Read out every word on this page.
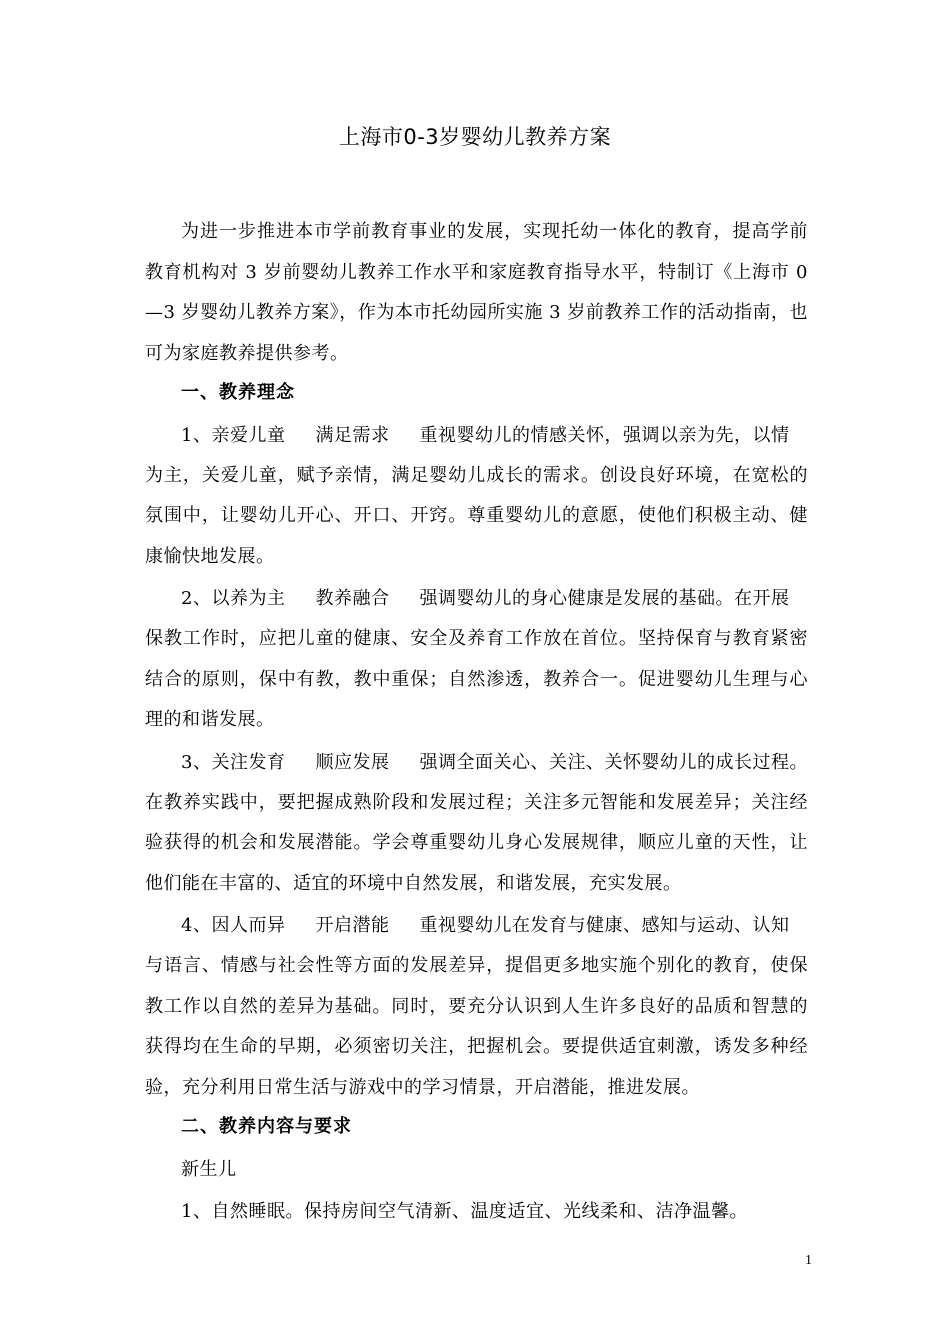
上海市0-3岁婴幼儿教养方案

为进一步推进本市学前教育事业的发展，实现托幼一体化的教育，提高学前教育机构对 3 岁前婴幼儿教养工作水平和家庭教育指导水平，特制订《上海市 0—3 岁婴幼儿教养方案》，作为本市托幼园所实施 3 岁前教养工作的活动指南，也可为家庭教养提供参考。

一、教养理念

1、亲爱儿童 满足需求 重视婴幼儿的情感关怀，强调以亲为先，以情

为主，关爱儿童，赋予亲情，满足婴幼儿成长的需求。创设良好环境，在宽松的氛围中，让婴幼儿开心、开口、开窍。尊重婴幼儿的意愿，使他们积极主动、健康愉快地发展。

2、以养为主 教养融合 强调婴幼儿的身心健康是发展的基础。在开展

保教工作时，应把儿童的健康、安全及养育工作放在首位。坚持保育与教育紧密结合的原则，保中有教，教中重保；自然渗透，教养合一。促进婴幼儿生理与心理的和谐发展。

3、关注发育 顺应发展 强调全面关心、关注、关怀婴幼儿的成长过程。

在教养实践中，要把握成熟阶段和发展过程；关注多元智能和发展差异；关注经验获得的机会和发展潜能。学会尊重婴幼儿身心发展规律，顺应儿童的天性，让他们能在丰富的、适宜的环境中自然发展，和谐发展，充实发展。

4、因人而异 开启潜能 重视婴幼儿在发育与健康、感知与运动、认知

与语言、情感与社会性等方面的发展差异，提倡更多地实施个别化的教育，使保教工作以自然的差异为基础。同时，要充分认识到人生许多良好的品质和智慧的获得均在生命的早期，必须密切关注，把握机会。要提供适宜刺激，诱发多种经验，充分利用日常生活与游戏中的学习情景，开启潜能，推进发展。

二、教养内容与要求

新生儿

1、自然睡眠。保持房间空气清新、温度适宜、光线柔和、洁净温馨。

1
